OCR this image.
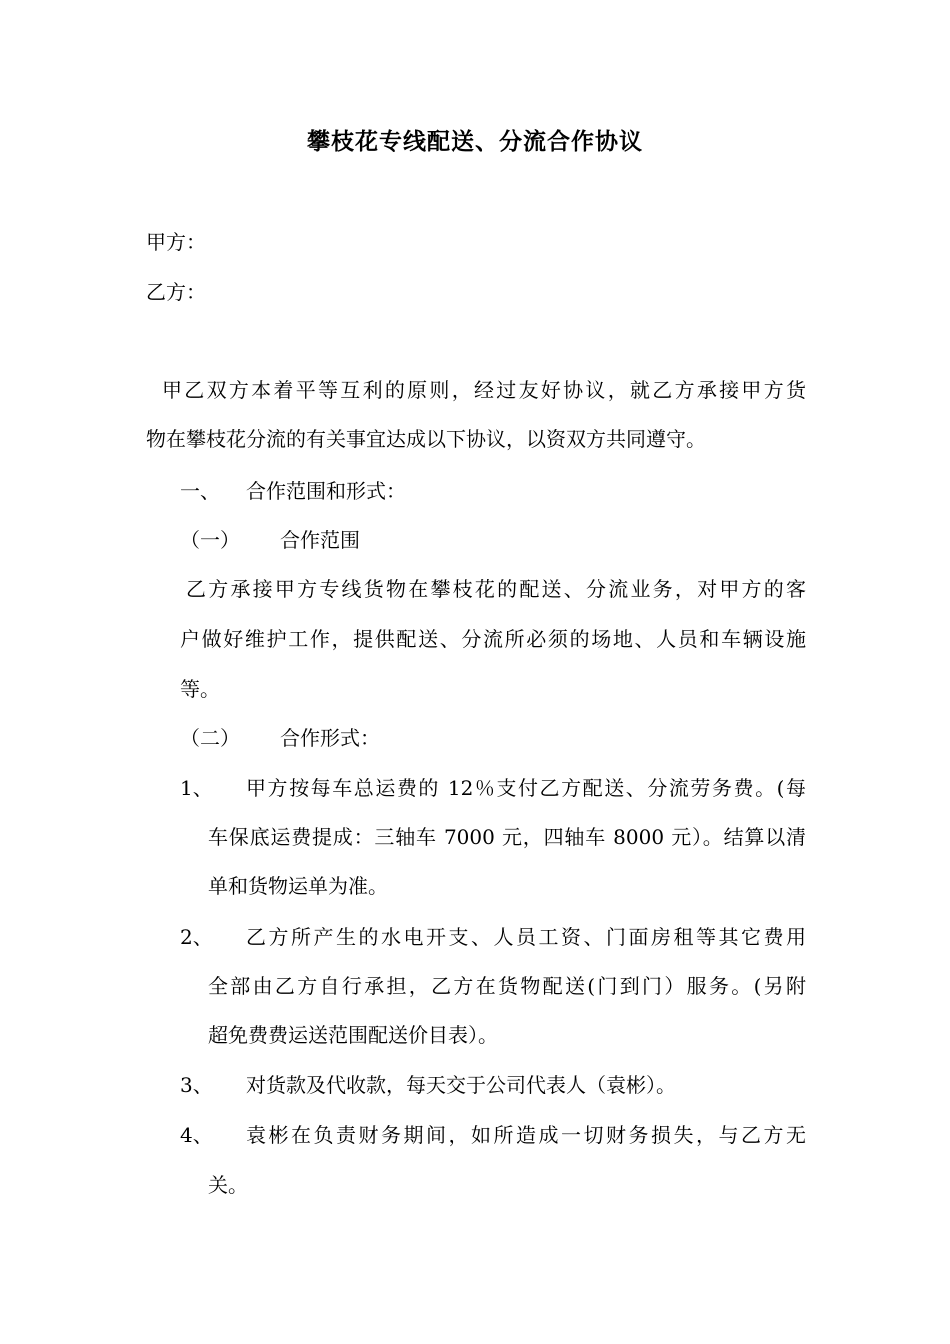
攀枝花专线配送、分流合作协议
甲方：
乙方：
甲乙双方本着平等互利的原则，经过友好协议，就乙方承接甲方货
物在攀枝花分流的有关事宜达成以下协议，以资双方共同遵守。
一、 合作范围和形式：
（一） 合作范围
乙方承接甲方专线货物在攀枝花的配送、分流业务，对甲方的客
户做好维护工作，提供配送、分流所必须的场地、人员和车辆设施
等。
（二） 合作形式：
1、 甲方按每车总运费的 12％支付乙方配送、分流劳务费。(每
车保底运费提成：三轴车 7000 元，四轴车 8000 元）。结算以清
单和货物运单为准。
2、 乙方所产生的水电开支、人员工资、门面房租等其它费用
全部由乙方自行承担，乙方在货物配送(门到门）服务。(另附
超免费费运送范围配送价目表）。
3、 对货款及代收款，每天交于公司代表人（袁彬）。
4、 袁彬在负责财务期间，如所造成一切财务损失，与乙方无
关。
